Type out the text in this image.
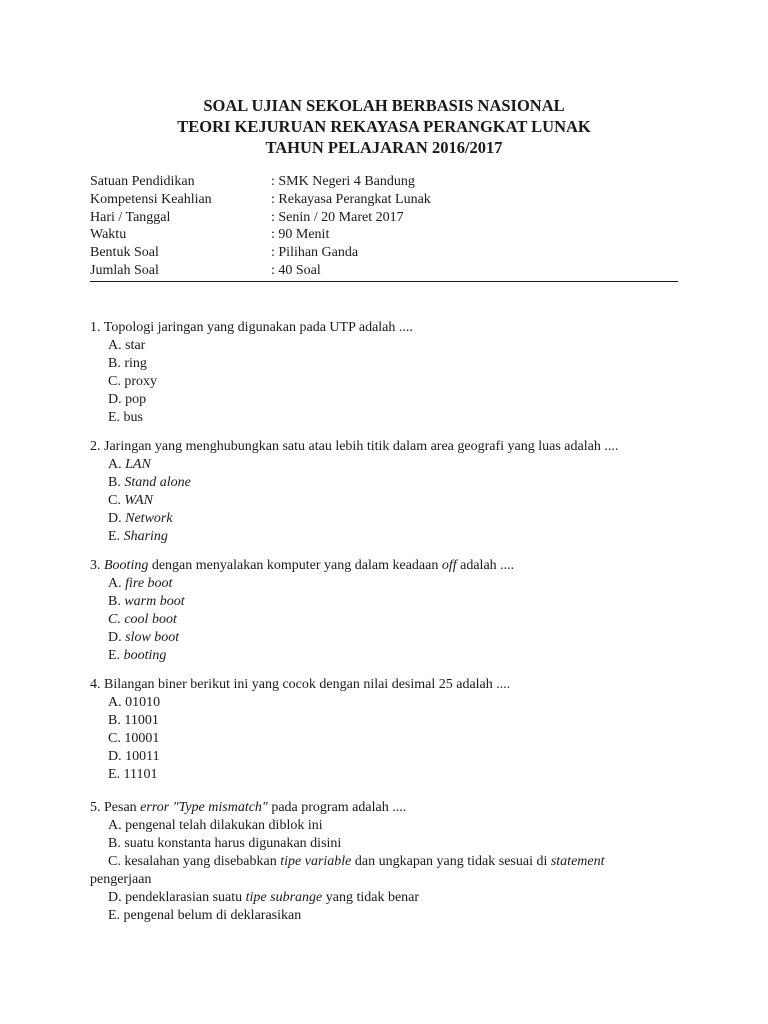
SOAL UJIAN SEKOLAH BERBASIS NASIONAL
TEORI KEJURUAN REKAYASA PERANGKAT LUNAK
TAHUN PELAJARAN 2016/2017
Satuan Pendidikan	: SMK Negeri 4 Bandung
Kompetensi Keahlian	: Rekayasa Perangkat Lunak
Hari / Tanggal	: Senin / 20 Maret 2017
Waktu	: 90 Menit
Bentuk Soal	: Pilihan Ganda
Jumlah Soal	: 40 Soal
1. Topologi jaringan yang digunakan pada UTP adalah ....
A. star
B. ring
C. proxy
D. pop
E. bus
2. Jaringan yang menghubungkan satu atau lebih titik dalam area geografi yang luas adalah ....
A. LAN
B. Stand alone
C. WAN
D. Network
E. Sharing
3. Booting dengan menyalakan komputer yang dalam keadaan off adalah ....
A. fire boot
B. warm boot
C. cool boot
D. slow boot
E. booting
4. Bilangan biner berikut ini yang cocok dengan nilai desimal 25 adalah ....
A. 01010
B. 11001
C. 10001
D. 10011
E. 11101
5. Pesan error "Type mismatch" pada program adalah ....
A. pengenal telah dilakukan diblok ini
B. suatu konstanta harus digunakan disini
C. kesalahan yang disebabkan tipe variable dan ungkapan yang tidak sesuai di statement
pengerjaan
D. pendeklarasian suatu tipe subrange yang tidak benar
E. pengenal belum di deklarasikan
